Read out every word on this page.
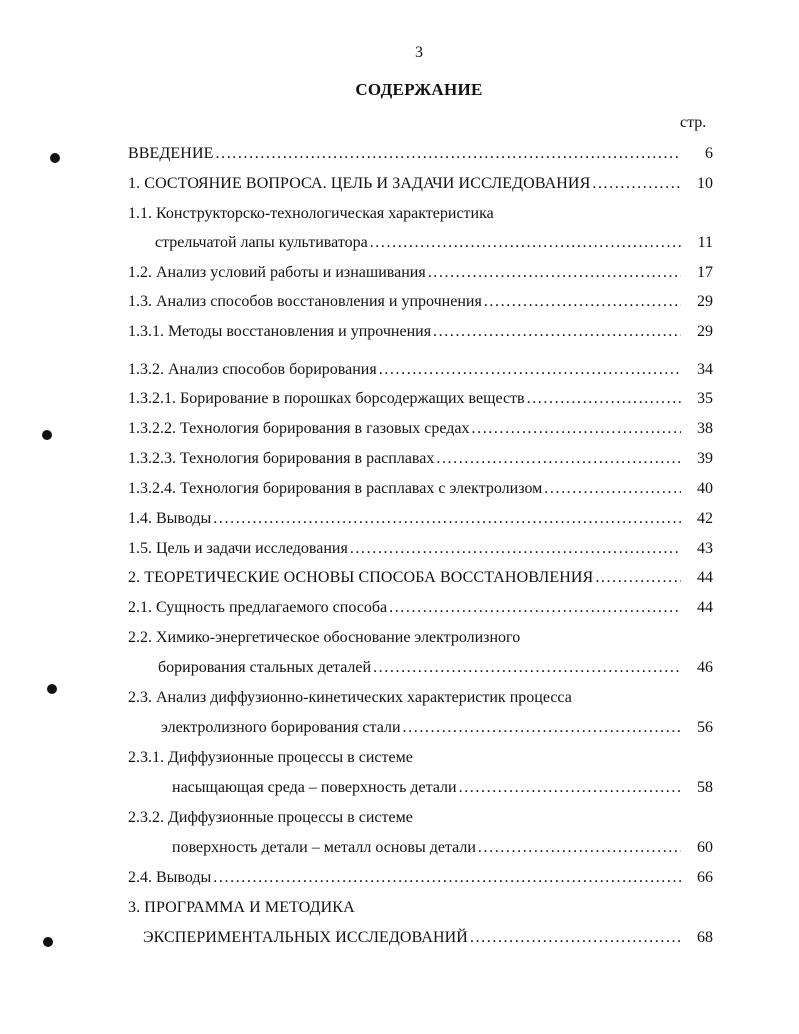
3
СОДЕРЖАНИЕ
стр.
ВВЕДЕНИЕ .....	6
1. СОСТОЯНИЕ ВОПРОСА. ЦЕЛЬ И ЗАДАЧИ ИССЛЕДОВАНИЯ .....	10
1.1. Конструкторско-технологическая характеристика
стрельчатой лапы культиватора .....	11
1.2. Анализ условий работы и изнашивания .....	17
1.3. Анализ способов восстановления и упрочнения .....	29
1.3.1. Методы восстановления и упрочнения .....	29
1.3.2. Анализ способов борирования .....	34
1.3.2.1. Борирование в порошках борсодержащих веществ .....	35
1.3.2.2. Технология борирования в газовых средах .....	38
1.3.2.3. Технология борирования в расплавах .....	39
1.3.2.4. Технология борирования в расплавах с электролизом .....	40
1.4. Выводы .....	42
1.5. Цель и задачи исследования .....	43
2. ТЕОРЕТИЧЕСКИЕ ОСНОВЫ СПОСОБА ВОССТАНОВЛЕНИЯ .....	44
2.1. Сущность предлагаемого способа .....	44
2.2. Химико-энергетическое обоснование электролизного
борирования стальных деталей .....	46
2.3. Анализ диффузионно-кинетических характеристик процесса
электролизного борирования стали .....	56
2.3.1. Диффузионные процессы в системе
насыщающая среда – поверхность детали .....	58
2.3.2. Диффузионные процессы в системе
поверхность детали – металл основы детали .....	60
2.4. Выводы .....	66
3. ПРОГРАММА И МЕТОДИКА
ЭКСПЕРИМЕНТАЛЬНЫХ ИССЛЕДОВАНИЙ .....	68
